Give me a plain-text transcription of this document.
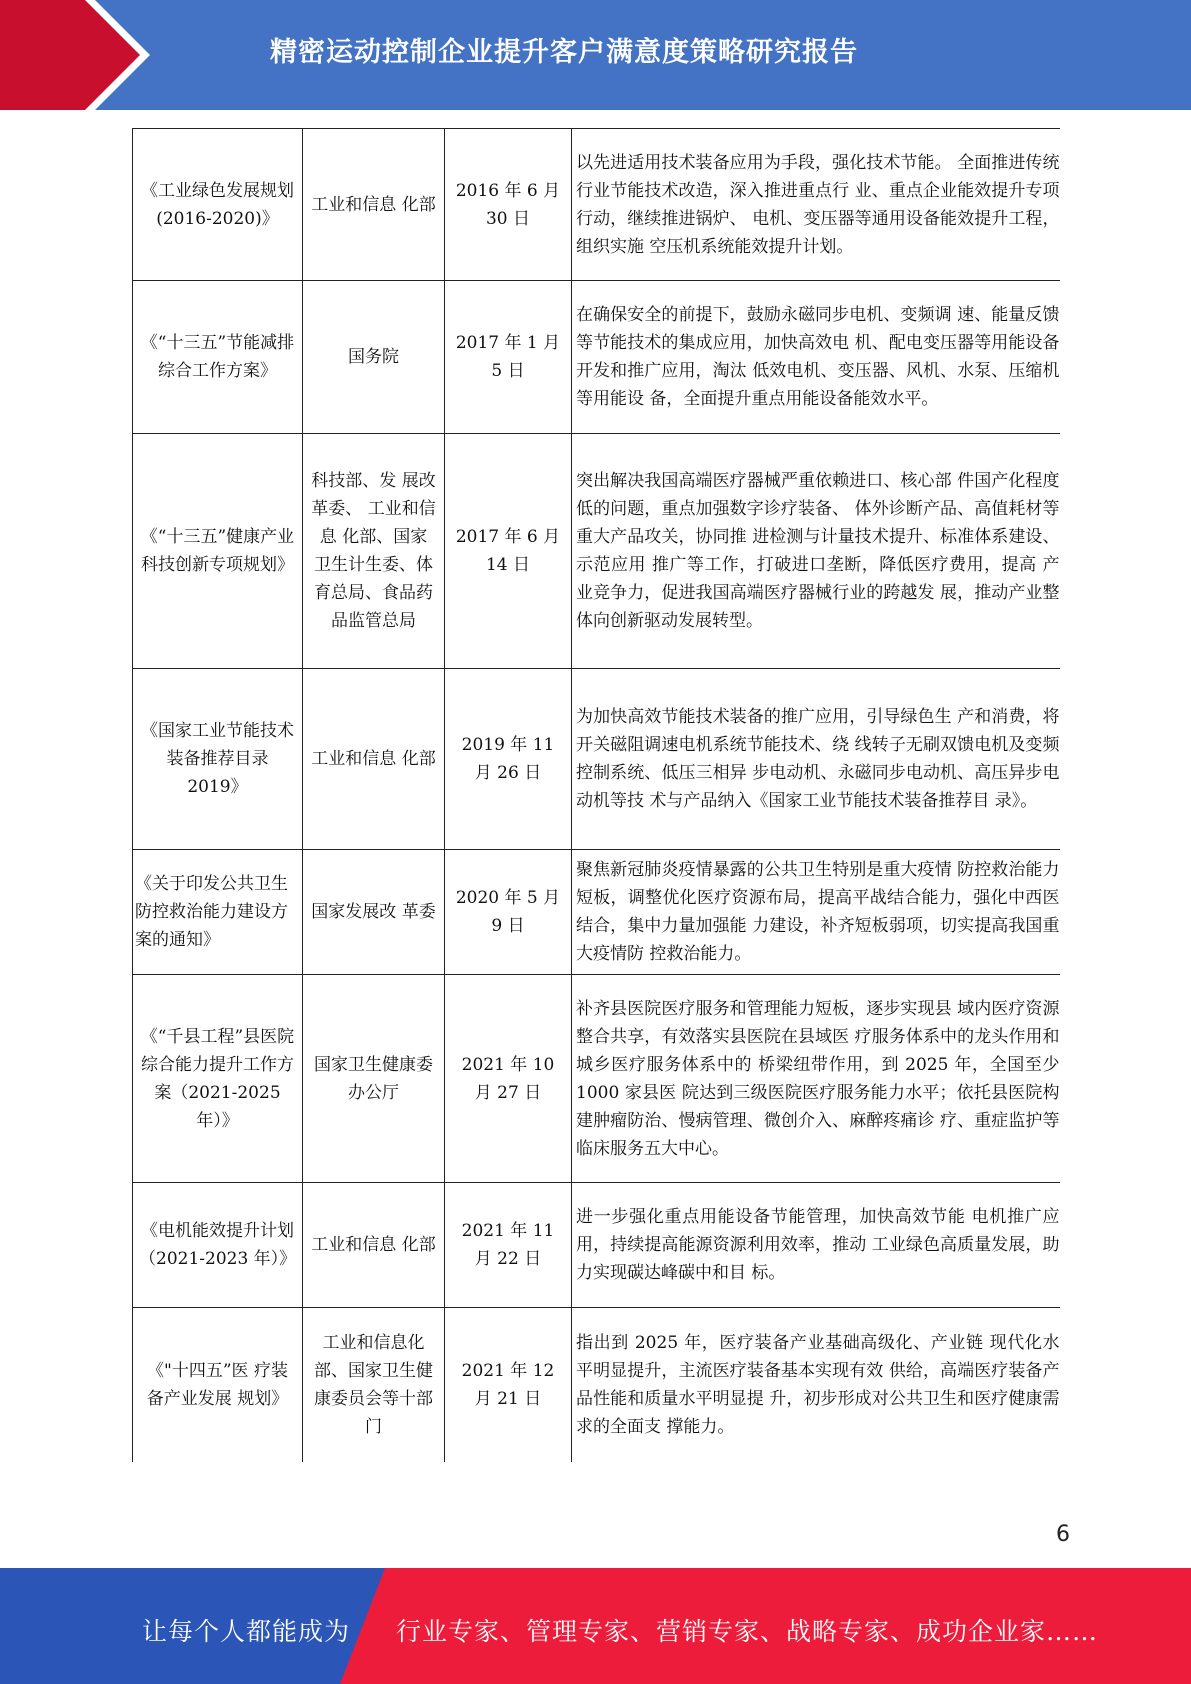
精密运动控制企业提升客户满意度策略研究报告
《工业绿色发展规划(2016-2020)》	工业和信息 化部	2016 年 6 月 30 日	以先进适用技术装备应用为手段，强化技术节能。 全面推进传统行业节能技术改造，深入推进重点行 业、重点企业能效提升专项行动，继续推进锅炉、 电机、变压器等通用设备能效提升工程，组织实施 空压机系统能效提升计划。
《“十三五”节能减排综合工作方案》	国务院	2017 年 1 月 5 日	在确保安全的前提下，鼓励永磁同步电机、变频调 速、能量反馈等节能技术的集成应用，加快高效电 机、配电变压器等用能设备开发和推广应用，淘汰 低效电机、变压器、风机、水泵、压缩机等用能设 备，全面提升重点用能设备能效水平。
《“十三五”健康产业科技创新专项规划》	科技部、发 展改革委、 工业和信息 化部、国家 卫生计生委、体育总局、食品药 品监管总局	2017 年 6 月 14 日	突出解决我国高端医疗器械严重依赖进口、核心部 件国产化程度低的问题，重点加强数字诊疗装备、 体外诊断产品、高值耗材等重大产品攻关，协同推 进检测与计量技术提升、标准体系建设、示范应用 推广等工作，打破进口垄断，降低医疗费用，提高 产业竞争力，促进我国高端医疗器械行业的跨越发 展，推动产业整体向创新驱动发展转型。
《国家工业节能技术装备推荐目录 2019》	工业和信息 化部	2019 年 11 月 26 日	为加快高效节能技术装备的推广应用，引导绿色生 产和消费，将开关磁阻调速电机系统节能技术、绕 线转子无刷双馈电机及变频控制系统、低压三相异 步电动机、永磁同步电动机、高压异步电动机等技 术与产品纳入《国家工业节能技术装备推荐目 录》。
《关于印发公共卫生防控救治能力建设方案的通知》	国家发展改 革委	2020 年 5 月 9 日	聚焦新冠肺炎疫情暴露的公共卫生特别是重大疫情 防控救治能力短板，调整优化医疗资源布局，提高平战结合能力，强化中西医结合，集中力量加强能 力建设，补齐短板弱项，切实提高我国重大疫情防 控救治能力。
《“千县工程”县医院综合能力提升工作方案（2021-2025 年）》	国家卫生健康委办公厅	2021 年 10 月 27 日	补齐县医院医疗服务和管理能力短板，逐步实现县 域内医疗资源整合共享，有效落实县医院在县域医 疗服务体系中的龙头作用和城乡医疗服务体系中的 桥梁纽带作用，到 2025 年，全国至少 1000 家县医 院达到三级医院医疗服务能力水平；依托县医院构 建肿瘤防治、慢病管理、微创介入、麻醉疼痛诊 疗、重症监护等临床服务五大中心。
《电机能效提升计划（2021-2023 年）》	工业和信息 化部	2021 年 11 月 22 日	进一步强化重点用能设备节能管理，加快高效节能 电机推广应用，持续提高能源资源利用效率，推动 工业绿色高质量发展，助力实现碳达峰碳中和目 标。
《"十四五”医 疗装备产业发展 规划》	工业和信息化部、国家卫生健康委员会等十部门	2021 年 12 月 21 日	指出到 2025 年，医疗装备产业基础高级化、产业链 现代化水平明显提升，主流医疗装备基本实现有效 供给，高端医疗装备产品性能和质量水平明显提 升，初步形成对公共卫生和医疗健康需求的全面支 撑能力。
6
让每个人都能成为 行业专家、管理专家、营销专家、战略专家、成功企业家……
